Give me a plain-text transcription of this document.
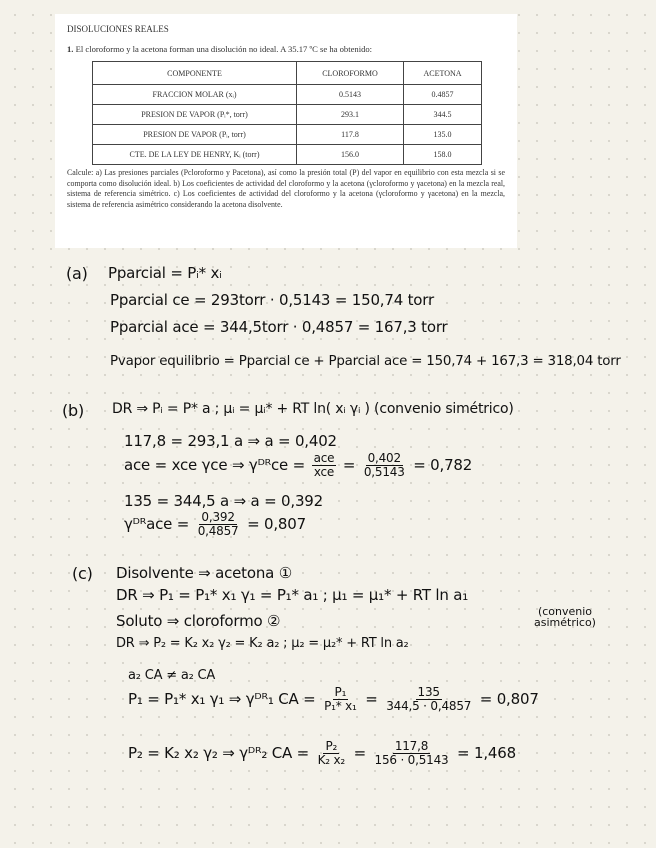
DISOLUCIONES REALES
1. El cloroformo y la acetona forman una disolución no ideal. A 35.17 ºC se ha obtenido:
COMPONENTE	CLOROFORMO	ACETONA
FRACCION MOLAR (xᵢ)	0.5143	0.4857
PRESION DE VAPOR (Pᵢ*, torr)	293.1	344.5
PRESION DE VAPOR (Pᵢ, torr)	117.8	135.0
CTE. DE LA LEY DE HENRY, Kᵢ (torr)	156.0	158.0
Calcule: a) Las presiones parciales (Pcloroformo y Pacetona), así como la presión total (P) del vapor en equilibrio con esta mezcla si se comporta como disolución ideal. b) Los coeficientes de actividad del cloroformo y la acetona (γcloroformo y γacetona) en la mezcla real, sistema de referencia simétrico. c) Los coeficientes de actividad del cloroformo y la acetona (γcloroformo y γacetona) en la mezcla, sistema de referencia asimétrico considerando la acetona disolvente.
(a) Pparcial = Pᵢ* xᵢ
Pparcial ce = 293torr · 0,5143 = 150,74 torr
Pparcial ace = 344,5torr · 0,4857 = 167,3 torr
Pvapor equilibrio = Pparcial ce + Pparcial ace = 150,74 + 167,3 = 318,04 torr
(b) DR ⇒ Pᵢ = P* a ; μᵢ = μᵢ* + RT ln( xᵢ γᵢ ) (convenio simétrico)
117,8 = 293,1 a ⇒ a = 0,402
ace = xce γce ⇒ γᴰᴿce = $\frac{\text{ace}}{\text{xce}} = \frac{0,402}{0,5143} = 0,782$
135 = 344,5 a ⇒ a = 0,392
γᴰᴿace = $\frac{0,392}{0,4857} = 0,807$
(c) Disolvente ⇒ acetona ①
DR ⇒ P₁ = P₁* x₁ γ₁ = P₁* a₁ ; μ₁ = μ₁* + RT ln a₁
Soluto ⇒ cloroformo ②
(convenio asimétrico)
DR ⇒ P₂ = K₂ x₂ γ₂ = K₂ a₂ ; μ₂ = μ₂* + RT ln a₂
a₂ CA ≠ a₂ CA
P₁ = P₁* x₁ γ₁ ⇒ γᴰᴿ₁ CA = $\frac{\text{P₁}}{\text{P₁* x₁}} = \frac{135}{344,5 \cdot 0,4857} = 0,807$
P₂ = K₂ x₂ γ₂ ⇒ γᴰᴿ₂ CA = $\frac{\text{P₂}}{\text{K₂ x₂}} = \frac{117,8}{156 \cdot 0,5143} = 1,468$
